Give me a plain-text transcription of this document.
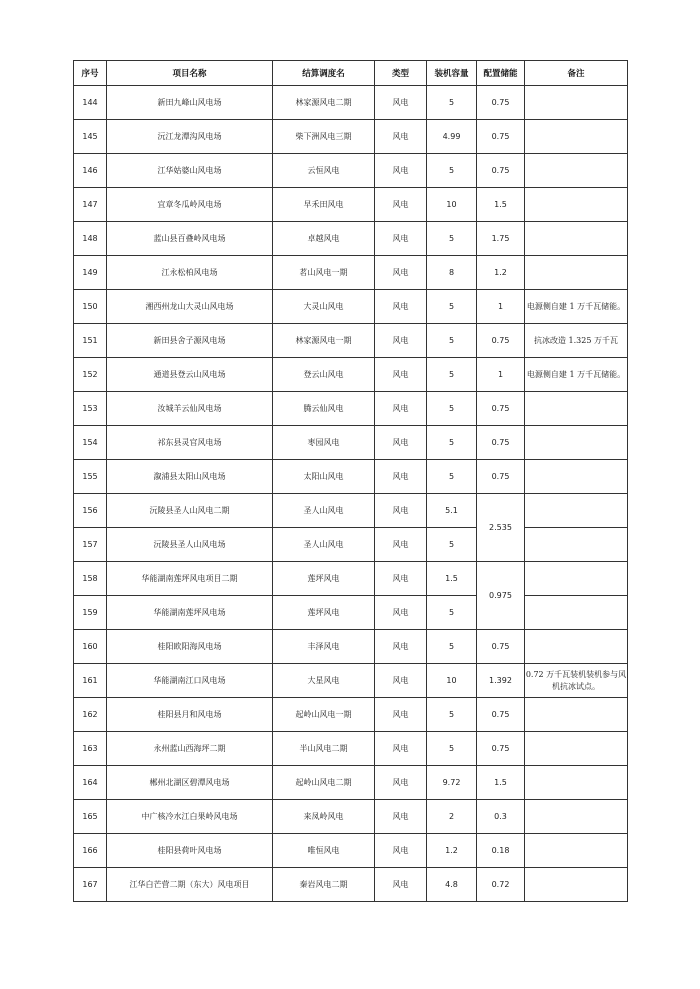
序号	项目名称	结算调度名	类型	装机容量	配置储能	备注
144	新田九峰山风电场	林家源风电二期	风电	5	0.75	
145	沅江龙潭沟风电场	柴下洲风电三期	风电	4.99	0.75	
146	江华姑婆山风电场	云恒风电	风电	5	0.75	
147	宜章冬瓜岭风电场	早禾田风电	风电	10	1.5	
148	蓝山县百叠岭风电场	卓越风电	风电	5	1.75	
149	江永松柏风电场	茗山风电一期	风电	8	1.2	
150	湘西州龙山大灵山风电场	大灵山风电	风电	5	1	电源侧自建 1 万千瓦储能。
151	新田县舍子源风电场	林家源风电一期	风电	5	0.75	抗冰改造 1.325 万千瓦
152	通道县登云山风电场	登云山风电	风电	5	1	电源侧自建 1 万千瓦储能。
153	汝城羊云仙风电场	腾云仙风电	风电	5	0.75	
154	祁东县灵官风电场	枣园风电	风电	5	0.75	
155	溆浦县太阳山风电场	太阳山风电	风电	5	0.75	
156	沅陵县圣人山风电二期	圣人山风电	风电	5.1	2.535	
157	沅陵县圣人山风电场	圣人山风电	风电	5		
158	华能湖南莲坪风电项目二期	莲坪风电	风电	1.5	0.975	
159	华能湖南莲坪风电场	莲坪风电	风电	5		
160	桂阳欧阳海风电场	丰泽风电	风电	5	0.75	
161	华能湖南江口风电场	大星风电	风电	10	1.392	0.72 万千瓦装机装机参与风机抗冰试点。
162	桂阳县月和风电场	起岭山风电一期	风电	5	0.75	
163	永州蓝山西海坪二期	半山风电二期	风电	5	0.75	
164	郴州北湖区碧潭风电场	起岭山风电二期	风电	9.72	1.5	
165	中广核冷水江白果岭风电场	来凤岭风电	风电	2	0.3	
166	桂阳县荷叶风电场	唯恒风电	风电	1.2	0.18	
167	江华白芒营二期（东大）风电项目	秦岩风电二期	风电	4.8	0.72	
